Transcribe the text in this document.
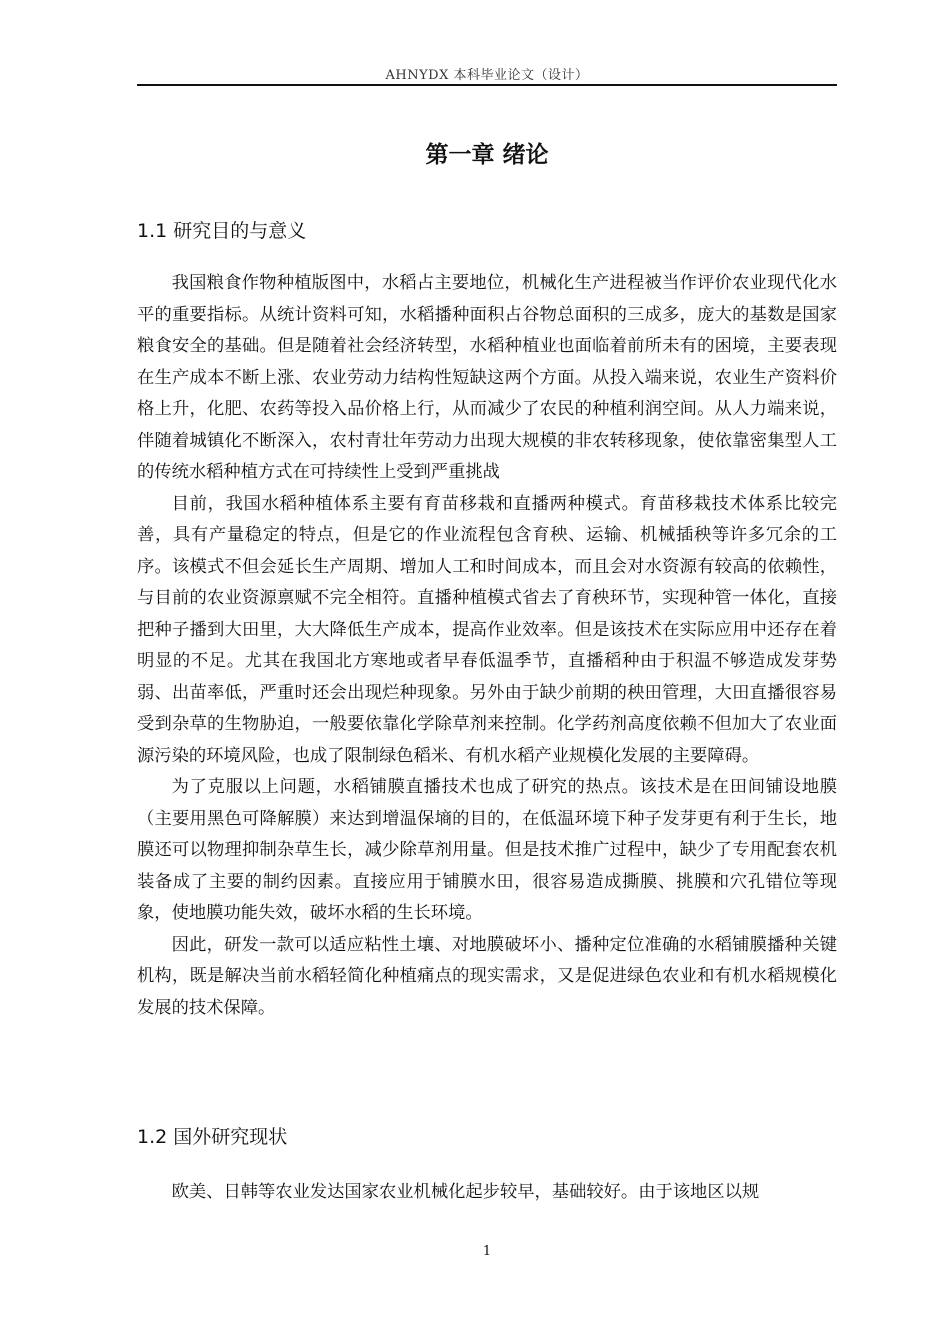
AHNYDX 本科毕业论文（设计）
第一章 绪论
1.1 研究目的与意义

我国粮食作物种植版图中，水稻占主要地位，机械化生产进程被当作评价农业现代化水平的重要指标。从统计资料可知，水稻播种面积占谷物总面积的三成多，庞大的基数是国家粮食安全的基础。但是随着社会经济转型，水稻种植业也面临着前所未有的困境，主要表现在生产成本不断上涨、农业劳动力结构性短缺这两个方面。从投入端来说，农业生产资料价格上升，化肥、农药等投入品价格上行，从而减少了农民的种植利润空间。从人力端来说，伴随着城镇化不断深入，农村青壮年劳动力出现大规模的非农转移现象，使依靠密集型人工的传统水稻种植方式在可持续性上受到严重挑战

目前，我国水稻种植体系主要有育苗移栽和直播两种模式。育苗移栽技术体系比较完善，具有产量稳定的特点，但是它的作业流程包含育秧、运输、机械插秧等许多冗余的工序。该模式不但会延长生产周期、增加人工和时间成本，而且会对水资源有较高的依赖性，与目前的农业资源禀赋不完全相符。直播种植模式省去了育秧环节，实现种管一体化，直接把种子播到大田里，大大降低生产成本，提高作业效率。但是该技术在实际应用中还存在着明显的不足。尤其在我国北方寒地或者早春低温季节，直播稻种由于积温不够造成发芽势弱、出苗率低，严重时还会出现烂种现象。另外由于缺少前期的秧田管理，大田直播很容易受到杂草的生物胁迫，一般要依靠化学除草剂来控制。化学药剂高度依赖不但加大了农业面源污染的环境风险，也成了限制绿色稻米、有机水稻产业规模化发展的主要障碍。

为了克服以上问题，水稻铺膜直播技术也成了研究的热点。该技术是在田间铺设地膜（主要用黑色可降解膜）来达到增温保墒的目的，在低温环境下种子发芽更有利于生长，地膜还可以物理抑制杂草生长，减少除草剂用量。但是技术推广过程中，缺少了专用配套农机装备成了主要的制约因素。直接应用于铺膜水田，很容易造成撕膜、挑膜和穴孔错位等现象，使地膜功能失效，破坏水稻的生长环境。

因此，研发一款可以适应粘性土壤、对地膜破坏小、播种定位准确的水稻铺膜播种关键机构，既是解决当前水稻轻简化种植痛点的现实需求，又是促进绿色农业和有机水稻规模化发展的技术保障。

1.2 国外研究现状

欧美、日韩等农业发达国家农业机械化起步较早，基础较好。由于该地区以规

1
